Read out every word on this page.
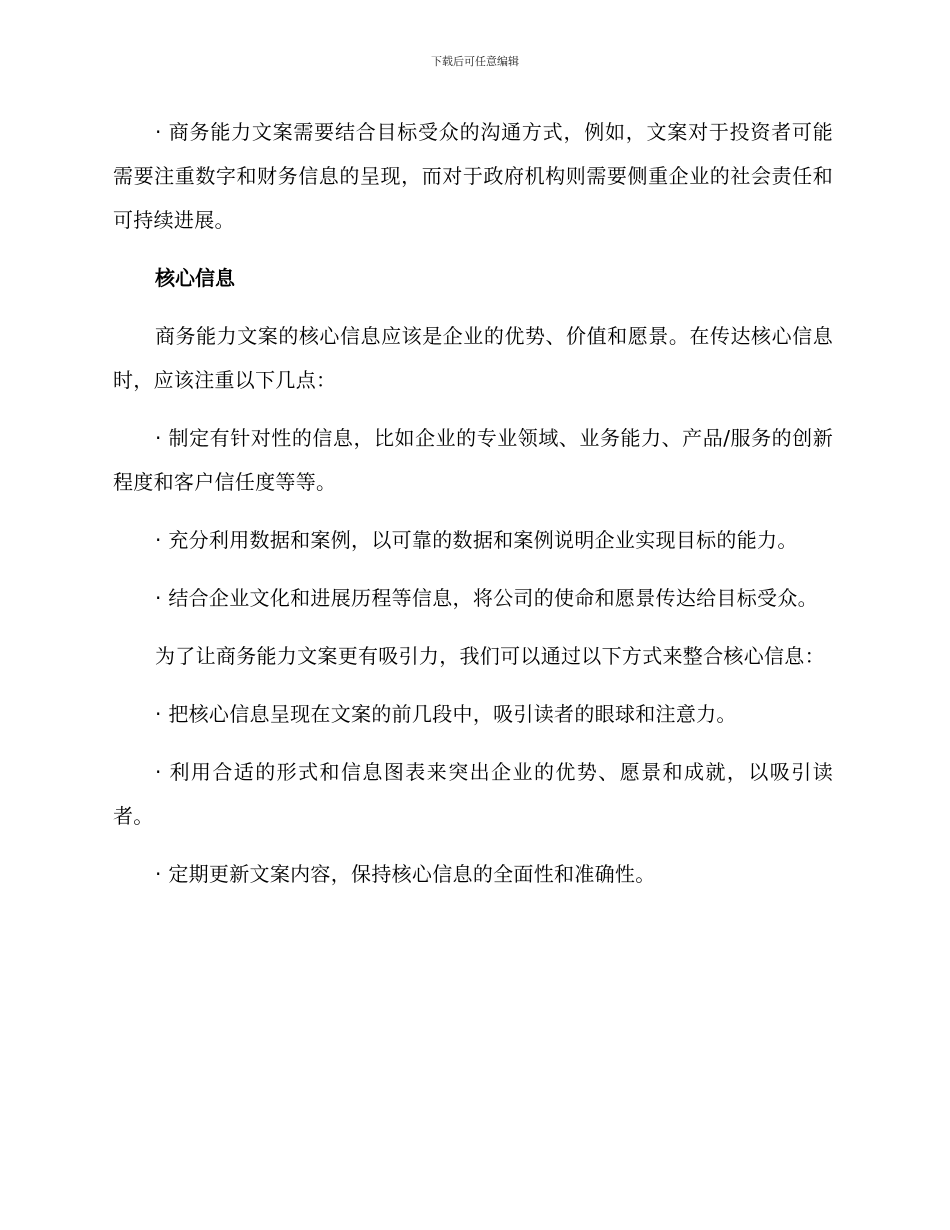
下载后可任意编辑

· 商务能力文案需要结合目标受众的沟通方式，例如，文案对于投资者可能需要注重数字和财务信息的呈现，而对于政府机构则需要侧重企业的社会责任和可持续进展。

核心信息

商务能力文案的核心信息应该是企业的优势、价值和愿景。在传达核心信息时，应该注重以下几点：

· 制定有针对性的信息，比如企业的专业领域、业务能力、产品/服务的创新程度和客户信任度等等。

· 充分利用数据和案例，以可靠的数据和案例说明企业实现目标的能力。

· 结合企业文化和进展历程等信息，将公司的使命和愿景传达给目标受众。

为了让商务能力文案更有吸引力，我们可以通过以下方式来整合核心信息：

· 把核心信息呈现在文案的前几段中，吸引读者的眼球和注意力。

· 利用合适的形式和信息图表来突出企业的优势、愿景和成就，以吸引读者。

· 定期更新文案内容，保持核心信息的全面性和准确性。
